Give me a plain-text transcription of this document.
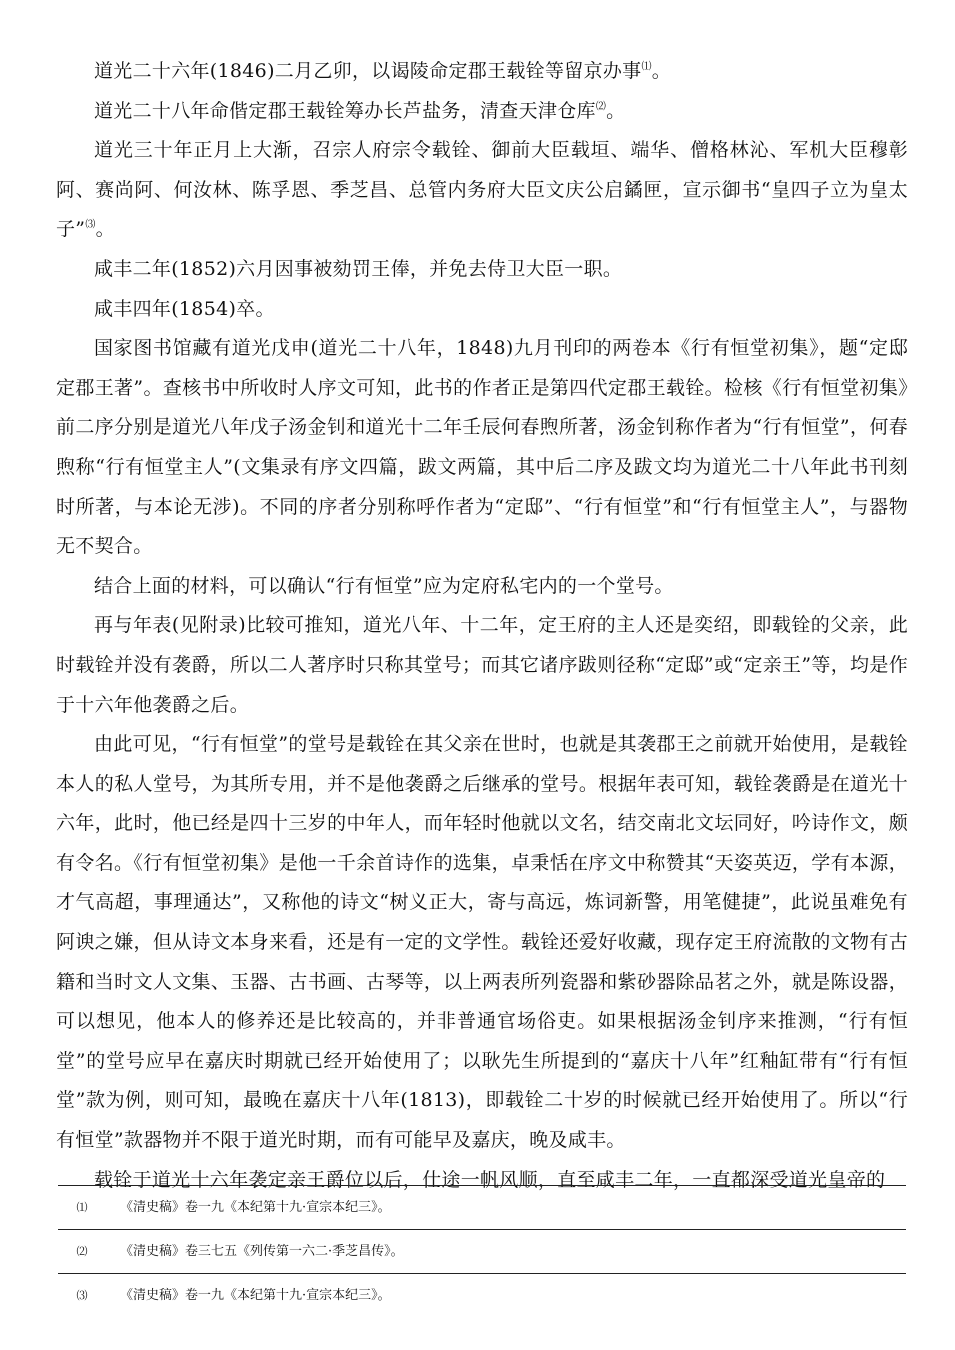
道光二十六年(1846)二月乙卯，以谒陵命定郡王载铨等留京办事⑴。

道光二十八年命偕定郡王载铨筹办长芦盐务，清查天津仓库⑵。

道光三十年正月上大渐，召宗人府宗令载铨、御前大臣载垣、端华、僧格林沁、军机大臣穆彰阿、赛尚阿、何汝林、陈孚恩、季芝昌、总管内务府大臣文庆公启鐍匣，宣示御书“皇四子立为皇太子”⑶。

咸丰二年(1852)六月因事被劾罚王俸，并免去侍卫大臣一职。

咸丰四年(1854)卒。

国家图书馆藏有道光戊申(道光二十八年，1848)九月刊印的两卷本《行有恒堂初集》，题“定邸定郡王著”。查核书中所收时人序文可知，此书的作者正是第四代定郡王载铨。检核《行有恒堂初集》前二序分别是道光八年戊子汤金钊和道光十二年壬辰何春煦所著，汤金钊称作者为“行有恒堂”，何春煦称“行有恒堂主人”(文集录有序文四篇，跋文两篇，其中后二序及跋文均为道光二十八年此书刊刻时所著，与本论无涉)。不同的序者分别称呼作者为“定邸”、“行有恒堂”和“行有恒堂主人”，与器物无不契合。

结合上面的材料，可以确认“行有恒堂”应为定府私宅内的一个堂号。

再与年表(见附录)比较可推知，道光八年、十二年，定王府的主人还是奕绍，即载铨的父亲，此时载铨并没有袭爵，所以二人著序时只称其堂号；而其它诸序跋则径称“定邸”或“定亲王”等，均是作于十六年他袭爵之后。

由此可见，“行有恒堂”的堂号是载铨在其父亲在世时，也就是其袭郡王之前就开始使用，是载铨本人的私人堂号，为其所专用，并不是他袭爵之后继承的堂号。根据年表可知，载铨袭爵是在道光十六年，此时，他已经是四十三岁的中年人，而年轻时他就以文名，结交南北文坛同好，吟诗作文，颇有令名。《行有恒堂初集》是他一千余首诗作的选集，卓秉恬在序文中称赞其“天姿英迈，学有本源，才气高超，事理通达”，又称他的诗文“树义正大，寄与高远，炼词新警，用笔健捷”，此说虽难免有阿谀之嫌，但从诗文本身来看，还是有一定的文学性。载铨还爱好收藏，现存定王府流散的文物有古籍和当时文人文集、玉器、古书画、古琴等，以上两表所列瓷器和紫砂器除品茗之外，就是陈设器，可以想见，他本人的修养还是比较高的，并非普通官场俗吏。如果根据汤金钊序来推测，“行有恒堂”的堂号应早在嘉庆时期就已经开始使用了；以耿先生所提到的“嘉庆十八年”红釉缸带有“行有恒堂”款为例，则可知，最晚在嘉庆十八年(1813)，即载铨二十岁的时候就已经开始使用了。所以“行有恒堂”款器物并不限于道光时期，而有可能早及嘉庆，晚及咸丰。

载铨于道光十六年袭定亲王爵位以后，仕途一帆风顺，直至咸丰二年，一直都深受道光皇帝的

⑴	《清史稿》卷一九《本纪第十九·宣宗本纪三》。
⑵	《清史稿》卷三七五《列传第一六二·季芝昌传》。
⑶	《清史稿》卷一九《本纪第十九·宣宗本纪三》。
